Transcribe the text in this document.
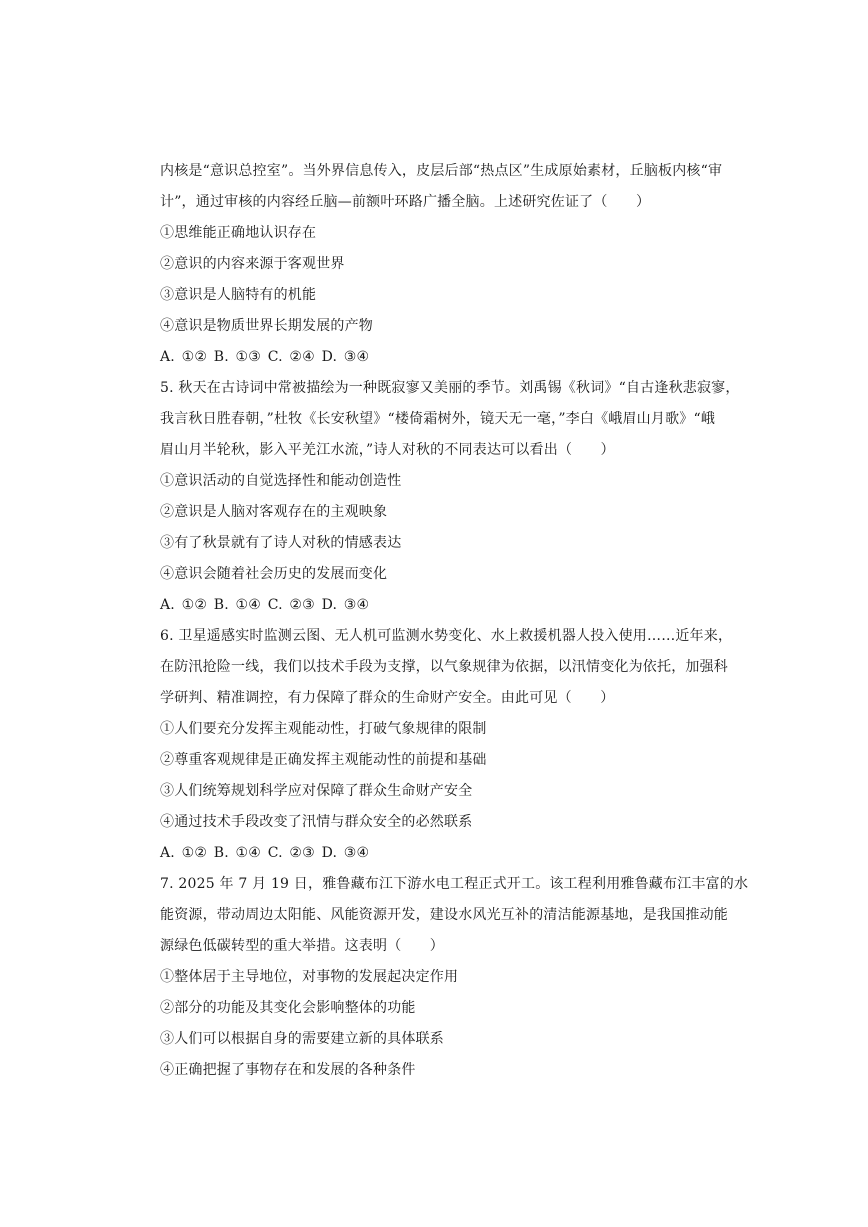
内核是“意识总控室”。当外界信息传入，皮层后部“热点区”生成原始素材，丘脑板内核“审
计”，通过审核的内容经丘脑—前额叶环路广播全脑。上述研究佐证了（　　）
①思维能正确地认识存在
②意识的内容来源于客观世界
③意识是人脑特有的机能
④意识是物质世界长期发展的产物
A. ①② B. ①③ C. ②④ D. ③④
5. 秋天在古诗词中常被描绘为一种既寂寥又美丽的季节。刘禹锡《秋词》“自古逢秋悲寂寥，
我言秋日胜春朝，”杜牧《长安秋望》“楼倚霜树外，镜天无一毫，”李白《峨眉山月歌》“峨
眉山月半轮秋，影入平羌江水流，”诗人对秋的不同表达可以看出（　　）
①意识活动的自觉选择性和能动创造性
②意识是人脑对客观存在的主观映象
③有了秋景就有了诗人对秋的情感表达
④意识会随着社会历史的发展而变化
A. ①② B. ①④ C. ②③ D. ③④
6. 卫星遥感实时监测云图、无人机可监测水势变化、水上救援机器人投入使用……近年来，
在防汛抢险一线，我们以技术手段为支撑，以气象规律为依据，以汛情变化为依托，加强科
学研判、精准调控，有力保障了群众的生命财产安全。由此可见（　　）
①人们要充分发挥主观能动性，打破气象规律的限制
②尊重客观规律是正确发挥主观能动性的前提和基础
③人们统筹规划科学应对保障了群众生命财产安全
④通过技术手段改变了汛情与群众安全的必然联系
A. ①② B. ①④ C. ②③ D. ③④
7. 2025 年 7 月 19 日，雅鲁藏布江下游水电工程正式开工。该工程利用雅鲁藏布江丰富的水
能资源，带动周边太阳能、风能资源开发，建设水风光互补的清洁能源基地，是我国推动能
源绿色低碳转型的重大举措。这表明（　　）
①整体居于主导地位，对事物的发展起决定作用
②部分的功能及其变化会影响整体的功能
③人们可以根据自身的需要建立新的具体联系
④正确把握了事物存在和发展的各种条件
